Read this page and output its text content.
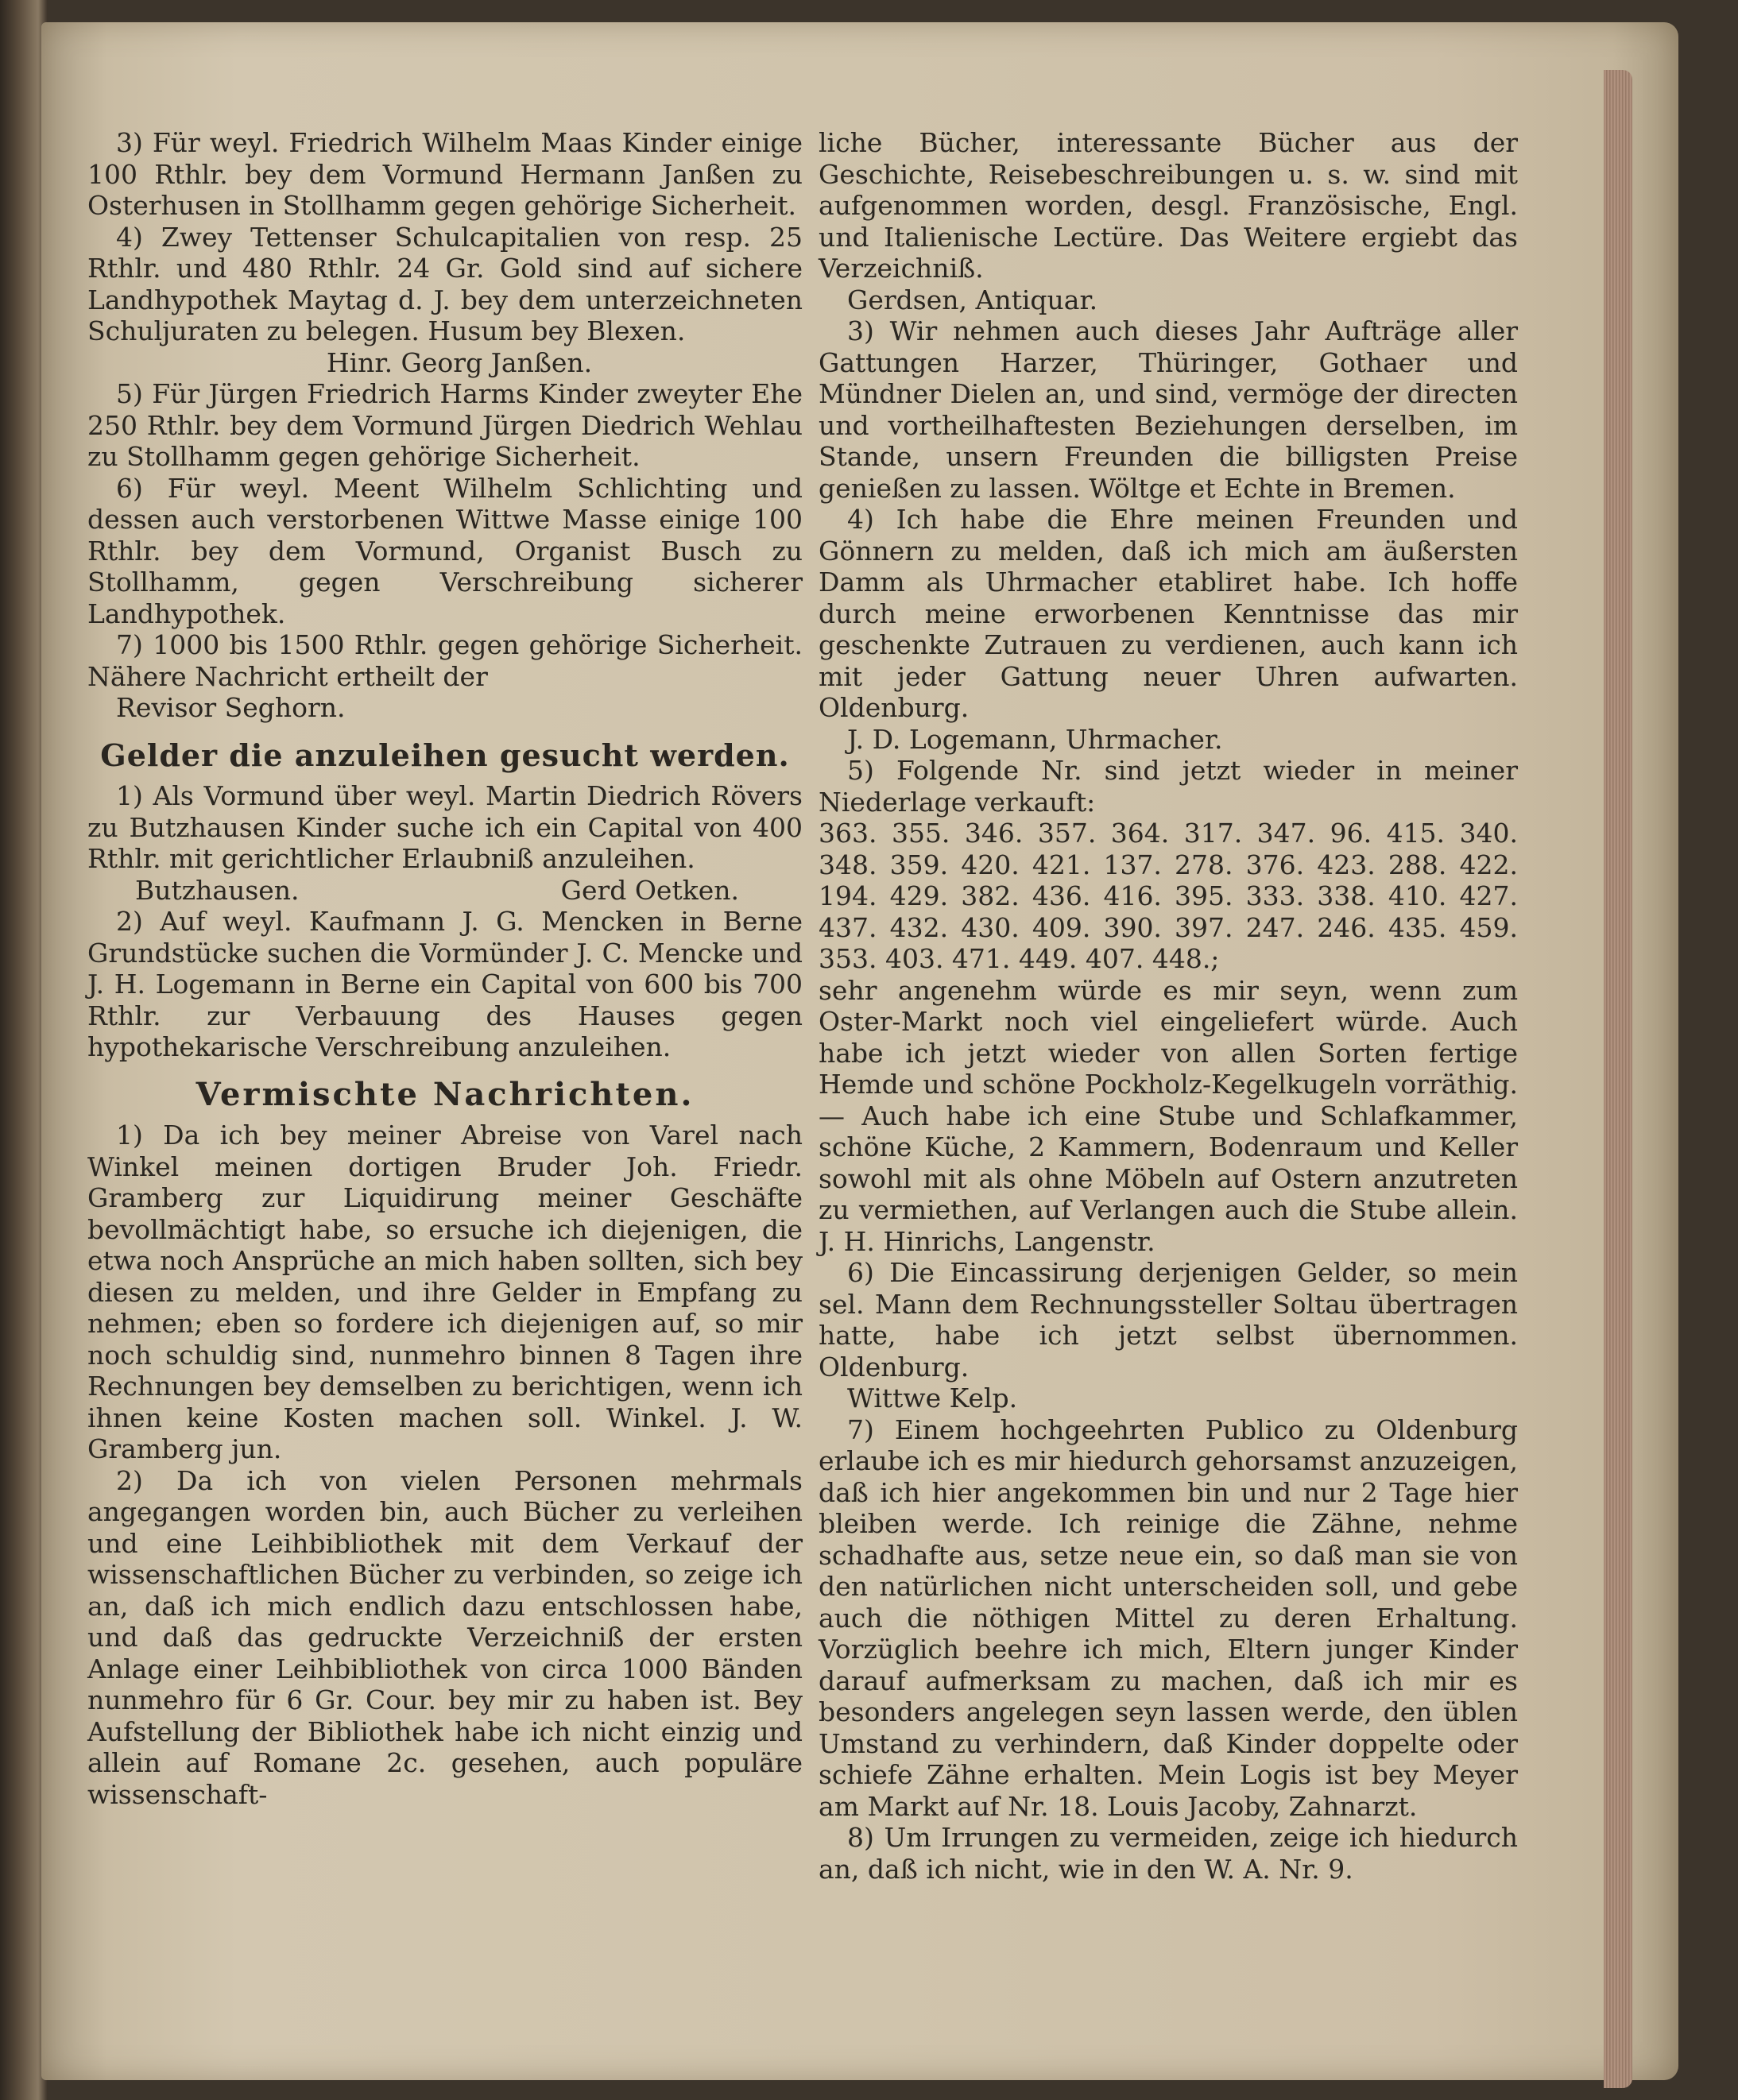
3) Für weyl. Friedrich Wilhelm Maas Kinder einige 100 Rthlr. bey dem Vormund Hermann Janßen zu Osterhusen in Stollhamm gegen gehörige Sicherheit.

4) Zwey Tettenser Schulcapitalien von resp. 25 Rthlr. und 480 Rthlr. 24 Gr. Gold sind auf sichere Landhypothek Maytag d. J. bey dem unterzeichneten Schuljuraten zu belegen. Husum bey Blexen.

Hinr. Georg Janßen.

5) Für Jürgen Friedrich Harms Kinder zweyter Ehe 250 Rthlr. bey dem Vormund Jürgen Diedrich Wehlau zu Stollhamm gegen gehörige Sicherheit.

6) Für weyl. Meent Wilhelm Schlichting und dessen auch verstorbenen Wittwe Masse einige 100 Rthlr. bey dem Vormund, Organist Busch zu Stollhamm, gegen Verschreibung sicherer Landhypothek.

7) 1000 bis 1500 Rthlr. gegen gehörige Sicherheit. Nähere Nachricht ertheilt der

Revisor Seghorn.

Gelder die anzuleihen gesucht werden.

1) Als Vormund über weyl. Martin Diedrich Rövers zu Butzhausen Kinder suche ich ein Capital von 400 Rthlr. mit gerichtlicher Erlaubniß anzuleihen.

Butzhausen.	Gerd Oetken.

2) Auf weyl. Kaufmann J. G. Mencken in Berne Grundstücke suchen die Vormünder J. C. Mencke und J. H. Logemann in Berne ein Capital von 600 bis 700 Rthlr. zur Verbauung des Hauses gegen hypothekarische Verschreibung anzuleihen.

Vermischte Nachrichten.

1) Da ich bey meiner Abreise von Varel nach Winkel meinen dortigen Bruder Joh. Friedr. Gramberg zur Liquidirung meiner Geschäfte bevollmächtigt habe, so ersuche ich diejenigen, die etwa noch Ansprüche an mich haben sollten, sich bey diesen zu melden, und ihre Gelder in Empfang zu nehmen; eben so fordere ich diejenigen auf, so mir noch schuldig sind, nunmehro binnen 8 Tagen ihre Rechnungen bey demselben zu berichtigen, wenn ich ihnen keine Kosten machen soll. Winkel. J. W. Gramberg jun.

2) Da ich von vielen Personen mehrmals angegangen worden bin, auch Bücher zu verleihen und eine Leihbibliothek mit dem Verkauf der wissenschaftlichen Bücher zu verbinden, so zeige ich an, daß ich mich endlich dazu entschlossen habe, und daß das gedruckte Verzeichniß der ersten Anlage einer Leihbibliothek von circa 1000 Bänden nunmehro für 6 Gr. Cour. bey mir zu haben ist. Bey Aufstellung der Bibliothek habe ich nicht einzig und allein auf Romane 2c. gesehen, auch populäre wissenschaft-

liche Bücher, interessante Bücher aus der Geschichte, Reisebeschreibungen u. s. w. sind mit aufgenommen worden, desgl. Französische, Engl. und Italienische Lectüre. Das Weitere ergiebt das Verzeichniß.

Gerdsen, Antiquar.

3) Wir nehmen auch dieses Jahr Aufträge aller Gattungen Harzer, Thüringer, Gothaer und Mündner Dielen an, und sind, vermöge der directen und vortheilhaftesten Beziehungen derselben, im Stande, unsern Freunden die billigsten Preise genießen zu lassen. Wöltge et Echte in Bremen.

4) Ich habe die Ehre meinen Freunden und Gönnern zu melden, daß ich mich am äußersten Damm als Uhrmacher etabliret habe. Ich hoffe durch meine erworbenen Kenntnisse das mir geschenkte Zutrauen zu verdienen, auch kann ich mit jeder Gattung neuer Uhren aufwarten. Oldenburg.

J. D. Logemann, Uhrmacher.

5) Folgende Nr. sind jetzt wieder in meiner Niederlage verkauft:

363. 355. 346. 357. 364. 317. 347. 96. 415. 340. 348. 359. 420. 421. 137. 278. 376. 423. 288. 422. 194. 429. 382. 436. 416. 395. 333. 338. 410. 427. 437. 432. 430. 409. 390. 397. 247. 246. 435. 459. 353. 403. 471. 449. 407. 448.;

sehr angenehm würde es mir seyn, wenn zum Oster-Markt noch viel eingeliefert würde. Auch habe ich jetzt wieder von allen Sorten fertige Hemde und schöne Pockholz-Kegelkugeln vorräthig. — Auch habe ich eine Stube und Schlafkammer, schöne Küche, 2 Kammern, Bodenraum und Keller sowohl mit als ohne Möbeln auf Ostern anzutreten zu vermiethen, auf Verlangen auch die Stube allein. J. H. Hinrichs, Langenstr.

6) Die Eincassirung derjenigen Gelder, so mein sel. Mann dem Rechnungssteller Soltau übertragen hatte, habe ich jetzt selbst übernommen. Oldenburg.

Wittwe Kelp.

7) Einem hochgeehrten Publico zu Oldenburg erlaube ich es mir hiedurch gehorsamst anzuzeigen, daß ich hier angekommen bin und nur 2 Tage hier bleiben werde. Ich reinige die Zähne, nehme schadhafte aus, setze neue ein, so daß man sie von den natürlichen nicht unterscheiden soll, und gebe auch die nöthigen Mittel zu deren Erhaltung. Vorzüglich beehre ich mich, Eltern junger Kinder darauf aufmerksam zu machen, daß ich mir es besonders angelegen seyn lassen werde, den üblen Umstand zu verhindern, daß Kinder doppelte oder schiefe Zähne erhalten. Mein Logis ist bey Meyer am Markt auf Nr. 18. Louis Jacoby, Zahnarzt.

8) Um Irrungen zu vermeiden, zeige ich hiedurch an, daß ich nicht, wie in den W. A. Nr. 9.
